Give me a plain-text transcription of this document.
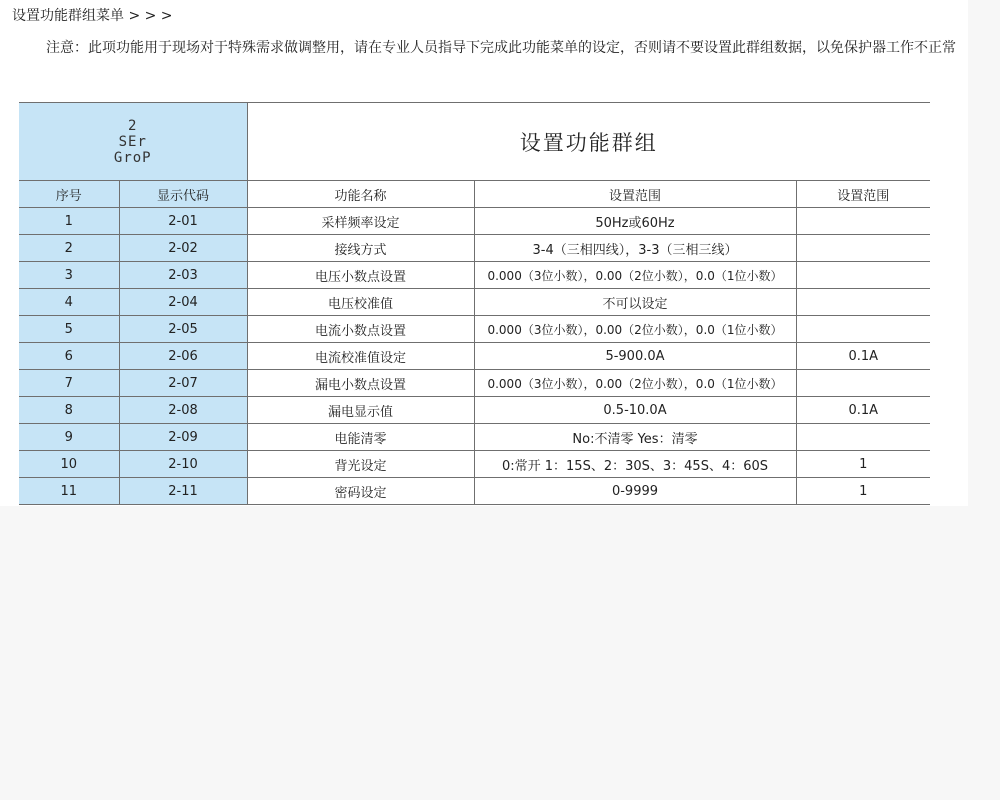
设置功能群组菜单 > > >
注意：此项功能用于现场对于特殊需求做调整用，请在专业人员指导下完成此功能菜单的设定，否则请不要设置此群组数据，以免保护器工作不正常
2
SEr
GroP		设置功能群组		
序号	显示代码	功能名称	设置范围	设置范围
1	2-01	采样频率设定	50Hz或60Hz	
2	2-02	接线方式	3-4（三相四线），3-3（三相三线）	
3	2-03	电压小数点设置	0.000（3位小数），0.00（2位小数），0.0（1位小数）	
4	2-04	电压校准值	不可以设定	
5	2-05	电流小数点设置	0.000（3位小数），0.00（2位小数），0.0（1位小数）	
6	2-06	电流校准值设定	5-900.0A	0.1A
7	2-07	漏电小数点设置	0.000（3位小数），0.00（2位小数），0.0（1位小数）	
8	2-08	漏电显示值	0.5-10.0A	0.1A
9	2-09	电能清零	No:不清零 Yes：清零	
10	2-10	背光设定	0:常开 1：15S、2：30S、3：45S、4：60S	1
11	2-11	密码设定	0-9999	1
